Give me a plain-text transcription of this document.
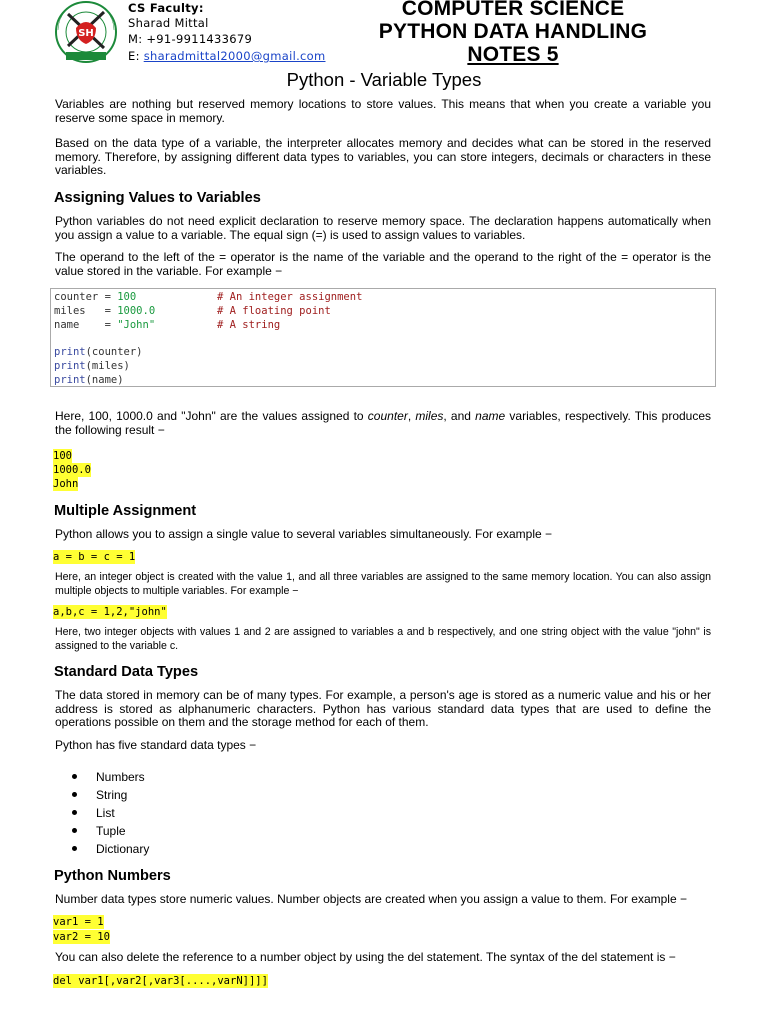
SH
CS Faculty:
Sharad Mittal
M: +91-9911433679
E: sharadmittal2000@gmail.com
COMPUTER SCIENCE
PYTHON DATA HANDLING
NOTES 5
Python - Variable Types
Variables are nothing but reserved memory locations to store values. This means that when you create a variable you reserve some space in memory.
Based on the data type of a variable, the interpreter allocates memory and decides what can be stored in the reserved memory. Therefore, by assigning different data types to variables, you can store integers, decimals or characters in these variables.
Assigning Values to Variables
Python variables do not need explicit declaration to reserve memory space. The declaration happens automatically when you assign a value to a variable. The equal sign (=) is used to assign values to variables.
The operand to the left of the = operator is the name of the variable and the operand to the right of the = operator is the value stored in the variable. For example −
counter = 100	# An integer assignment
miles   = 1000.0	# A floating point
name    = "John"	# A string
print(counter)
print(miles)
print(name)
Here, 100, 1000.0 and "John" are the values assigned to counter, miles, and name variables, respectively. This produces the following result −
100
1000.0
John
Multiple Assignment
Python allows you to assign a single value to several variables simultaneously. For example −
a = b = c = 1
Here, an integer object is created with the value 1, and all three variables are assigned to the same memory location. You can also assign multiple objects to multiple variables. For example −
a,b,c = 1,2,"john"
Here, two integer objects with values 1 and 2 are assigned to variables a and b respectively, and one string object with the value "john" is assigned to the variable c.
Standard Data Types
The data stored in memory can be of many types. For example, a person's age is stored as a numeric value and his or her address is stored as alphanumeric characters. Python has various standard data types that are used to define the operations possible on them and the storage method for each of them.
Python has five standard data types −
Numbers
String
List
Tuple
Dictionary
Python Numbers
Number data types store numeric values. Number objects are created when you assign a value to them. For example −
var1 = 1
var2 = 10
You can also delete the reference to a number object by using the del statement. The syntax of the del statement is −
del var1[,var2[,var3[....,varN]]]]
